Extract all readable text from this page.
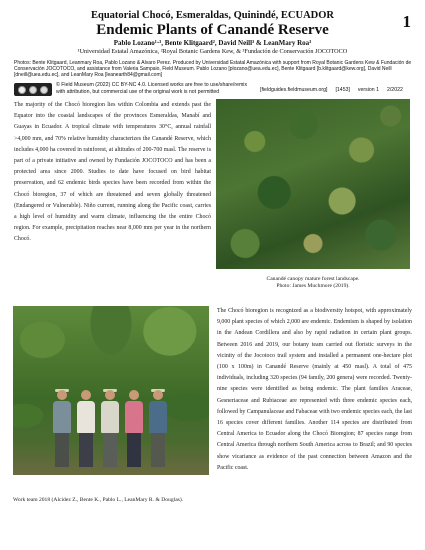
Equatorial Chocó, Esmeraldas, Quinindé, ECUADOR
Endemic Plants of Canandé Reserve
Pablo Lozano¹·³, Bente Klitgaard², David Neill³ & LeanMary Roa³
¹Universidad Estatal Amazónica, ²Royal Botanic Gardens Kew, & ³Fundación de Conservación JOCOTOCO
1
Photos: Bente Klitgaard, Leanmary Roa, Pablo Lozano & Alvaro Perez. Produced by Universidad Estatal Amazónica with support from Royal Botanic Gardens Kew & Fundación de Conservación JOCOTOCO, and assistance from Valeria Sampaio, Field Museum. Pablo Lozano [plozano@uea.edu.ec], Bente Klitgaard [b.klitgaard@kew.org], David Neill [dneill@uea.edu.ec], and LeanMary Roa [leanearth84@gmail.com]
© Field Museum (2022) CC BY-NC 4.0. Licensed works are free to use/share/remix with attribution, but commercial use of the original work is not permitted	[fieldguides.fieldmuseum.org] [1453] version 1 2/2022

The majority of the Chocó bioregion lies within Colombia and extends past the Equator into the coastal landscapes of the provinces Esmeraldas, Manabí and Guayas in Ecuador. A tropical climate with temperatures 30°C, annual rainfall >4,000 mm, and 70% relative humidity characterizes the Canandé Reserve, which includes 4,000 ha covered in rainforest, at altitudes of 200-700 masl. The reserve is part of a private initiative and owned by Fundación JOCOTOCO and has been a protected area since 2000. Studies to date have focused on bird habitat preservation, and 62 endemic birds species have been recorded from within the Chocó bioregion, 37 of which are threatened and seven globally threatened (Endangered or Vulnerable). Niño current, running along the Pacific coast, carries a high level of humidity and warm climate, influencing the the entire Chocó region. For example, precipitation reaches near 8,000 mm per year in the northern Chocó.

Canandé canopy mature forest landscape.
Photo: James Muchmore (2019).
Work team 2018 (Alcidez Z., Bente K., Pablo L., LeanMary R. & Douglas).

The Chocó bioregion is recognized as a biodiversity hotspot, with approximately 9,000 plant species of which 2,000 are endemic. Endemism is shaped by isolation in the Andean Cordillera and also by rapid radiation in certain plant groups. Between 2016 and 2019, our botany team carried out floristic surveys in the vicinity of the Jocotoco trail system and installed a permanent one-hectare plot (100 x 100m) in Canandé Reserve (mainly at 450 masl). A total of 475 individuals, including 320 species (94 family, 200 genera) were recorded. Twenty-nine species were identified as being endemic. The plant families Araceae, Gesneriaceae and Rubiaceae are represented with three endemic species each, followed by Campanulaceae and Fabaceae with two endemic species each, the last 16 species cover different families. Another 114 species are distributed from Central America to Ecuador along the Chocó Bioregion; 87 species range from Central America through northern South America across to Brazil; and 90 species show vicariance as evidence of the past connection between Amazon and the Pacific coast.
